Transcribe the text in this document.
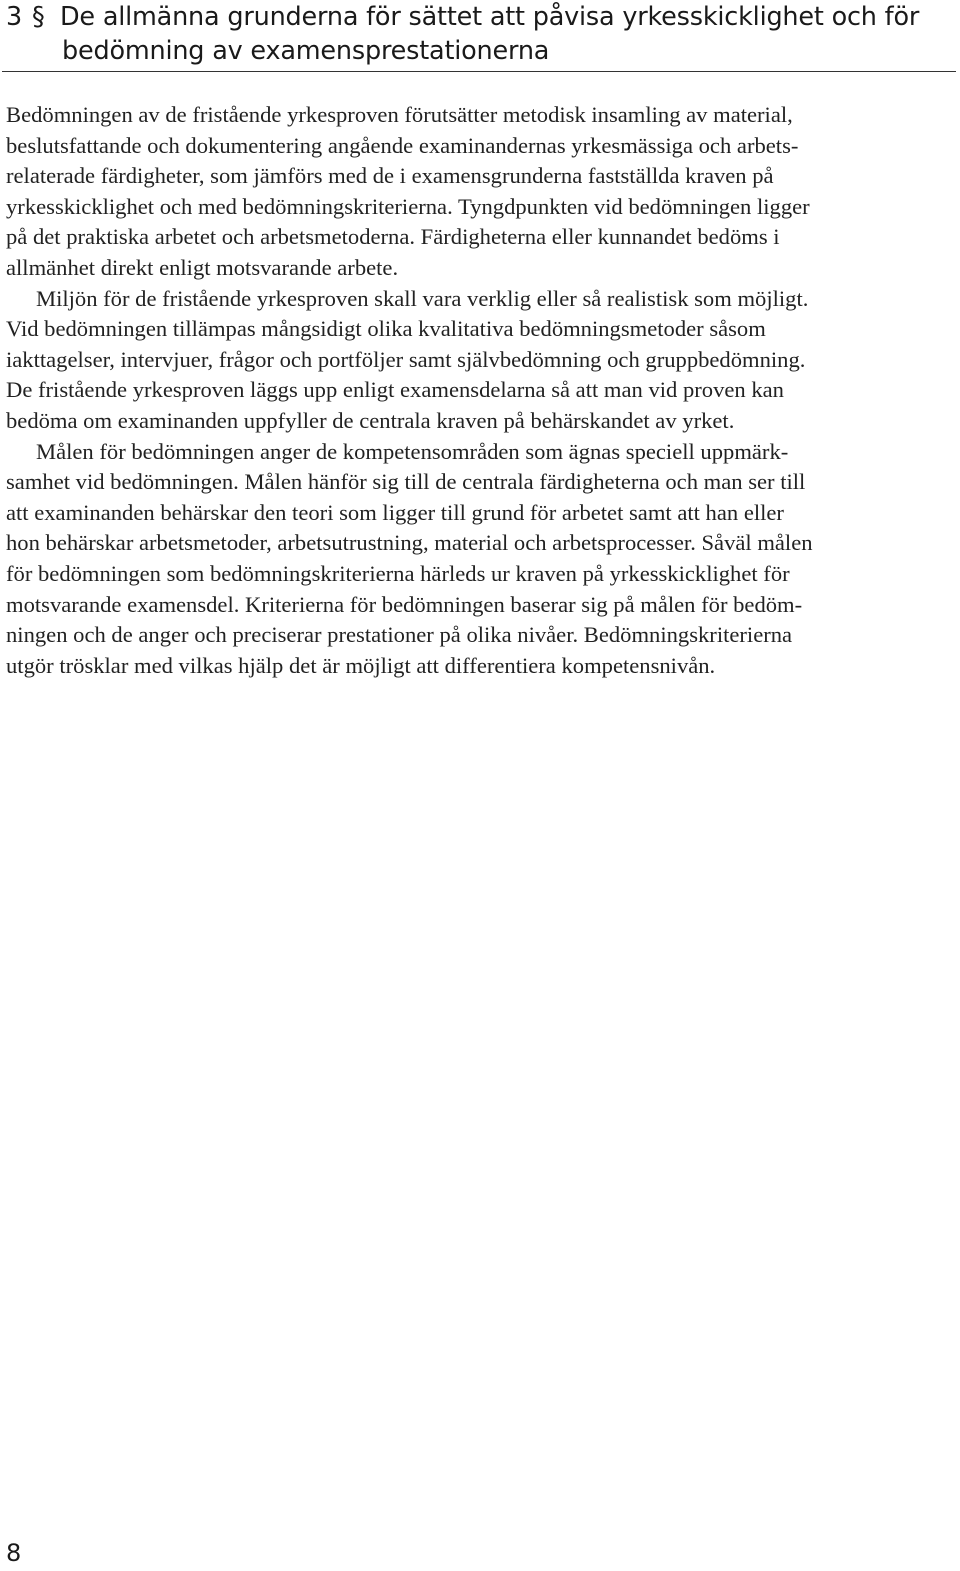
3 § De allmänna grunderna för sättet att påvisa yrkesskicklighet och för
bedömning av examensprestationerna
Bedömningen av de fristående yrkesproven förutsätter metodisk insamling av material,
beslutsfattande och dokumentering angående examinandernas yrkesmässiga och arbets-
relaterade färdigheter, som jämförs med de i examensgrunderna fastställda kraven på
yrkesskicklighet och med bedömningskriterierna. Tyngdpunkten vid bedömningen ligger
på det praktiska arbetet och arbetsmetoderna. Färdigheterna eller kunnandet bedöms i
allmänhet direkt enligt motsvarande arbete.
Miljön för de fristående yrkesproven skall vara verklig eller så realistisk som möjligt.
Vid bedömningen tillämpas mångsidigt olika kvalitativa bedömningsmetoder såsom
iakttagelser, intervjuer, frågor och portföljer samt självbedömning och gruppbedömning.
De fristående yrkesproven läggs upp enligt examensdelarna så att man vid proven kan
bedöma om examinanden uppfyller de centrala kraven på behärskandet av yrket.
Målen för bedömningen anger de kompetensområden som ägnas speciell uppmärk-
samhet vid bedömningen. Målen hänför sig till de centrala färdigheterna och man ser till
att examinanden behärskar den teori som ligger till grund för arbetet samt att han eller
hon behärskar arbetsmetoder, arbetsutrustning, material och arbetsprocesser. Såväl målen
för bedömningen som bedömningskriterierna härleds ur kraven på yrkesskicklighet för
motsvarande examensdel. Kriterierna för bedömningen baserar sig på målen för bedöm-
ningen och de anger och preciserar prestationer på olika nivåer. Bedömningskriterierna
utgör trösklar med vilkas hjälp det är möjligt att differentiera kompetensnivån.
8
